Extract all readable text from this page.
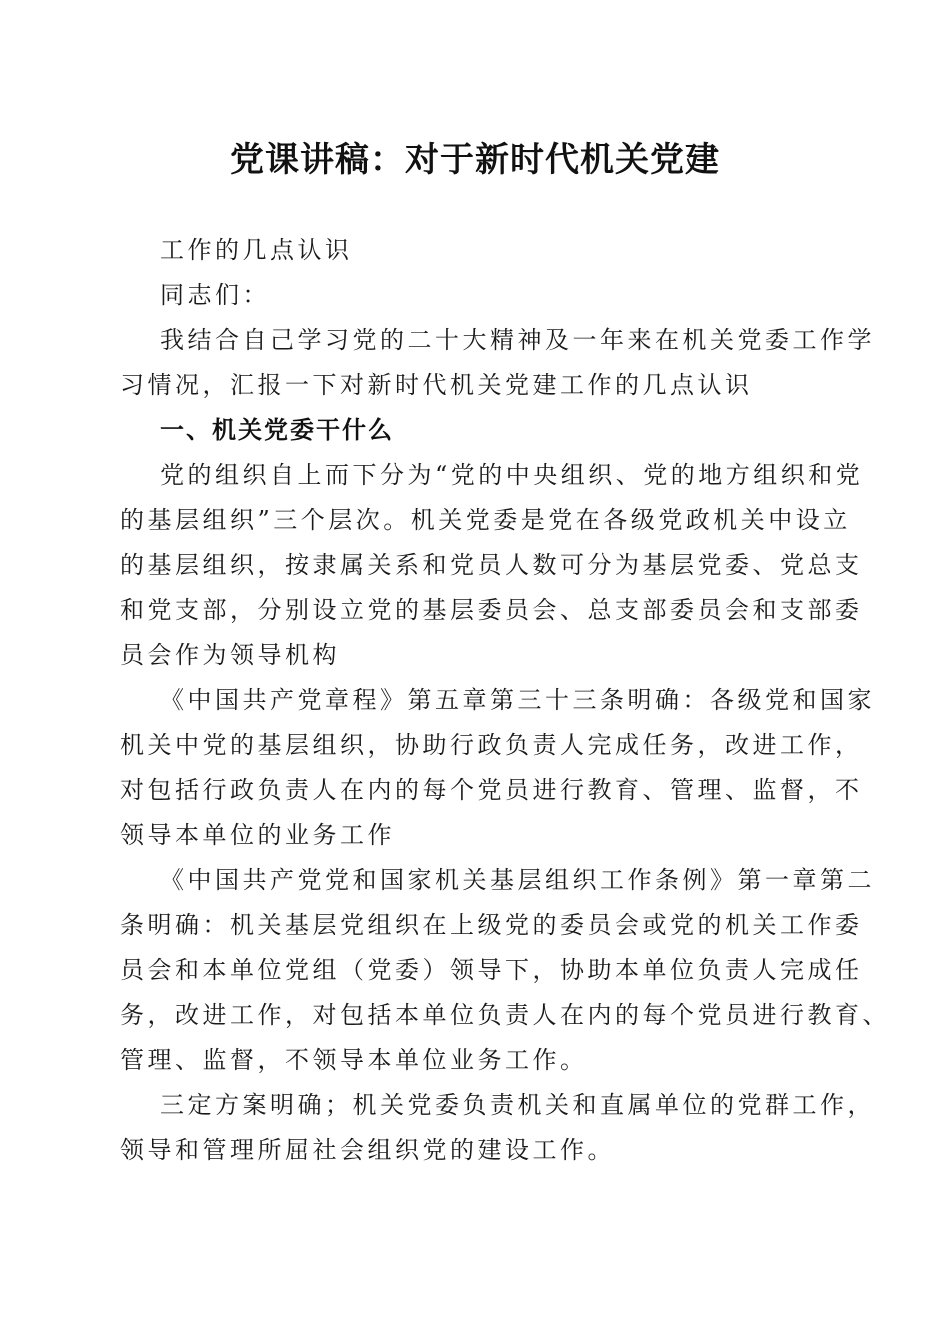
党课讲稿：对于新时代机关党建
工作的几点认识
同志们：
我结合自己学习党的二十大精神及一年来在机关党委工作学
习情况，汇报一下对新时代机关党建工作的几点认识
一、机关党委干什么
党的组织自上而下分为“党的中央组织、党的地方组织和党
的基层组织”三个层次。机关党委是党在各级党政机关中设立
的基层组织，按隶属关系和党员人数可分为基层党委、党总支
和党支部，分别设立党的基层委员会、总支部委员会和支部委
员会作为领导机构
《中国共产党章程》第五章第三十三条明确：各级党和国家
机关中党的基层组织，协助行政负责人完成任务，改进工作，
对包括行政负责人在内的每个党员进行教育、管理、监督，不
领导本单位的业务工作
《中国共产党党和国家机关基层组织工作条例》第一章第二
条明确：机关基层党组织在上级党的委员会或党的机关工作委
员会和本单位党组（党委）领导下，协助本单位负责人完成任
务，改进工作，对包括本单位负责人在内的每个党员进行教育、
管理、监督，不领导本单位业务工作。
三定方案明确；机关党委负责机关和直属单位的党群工作，
领导和管理所屈社会组织党的建设工作。
